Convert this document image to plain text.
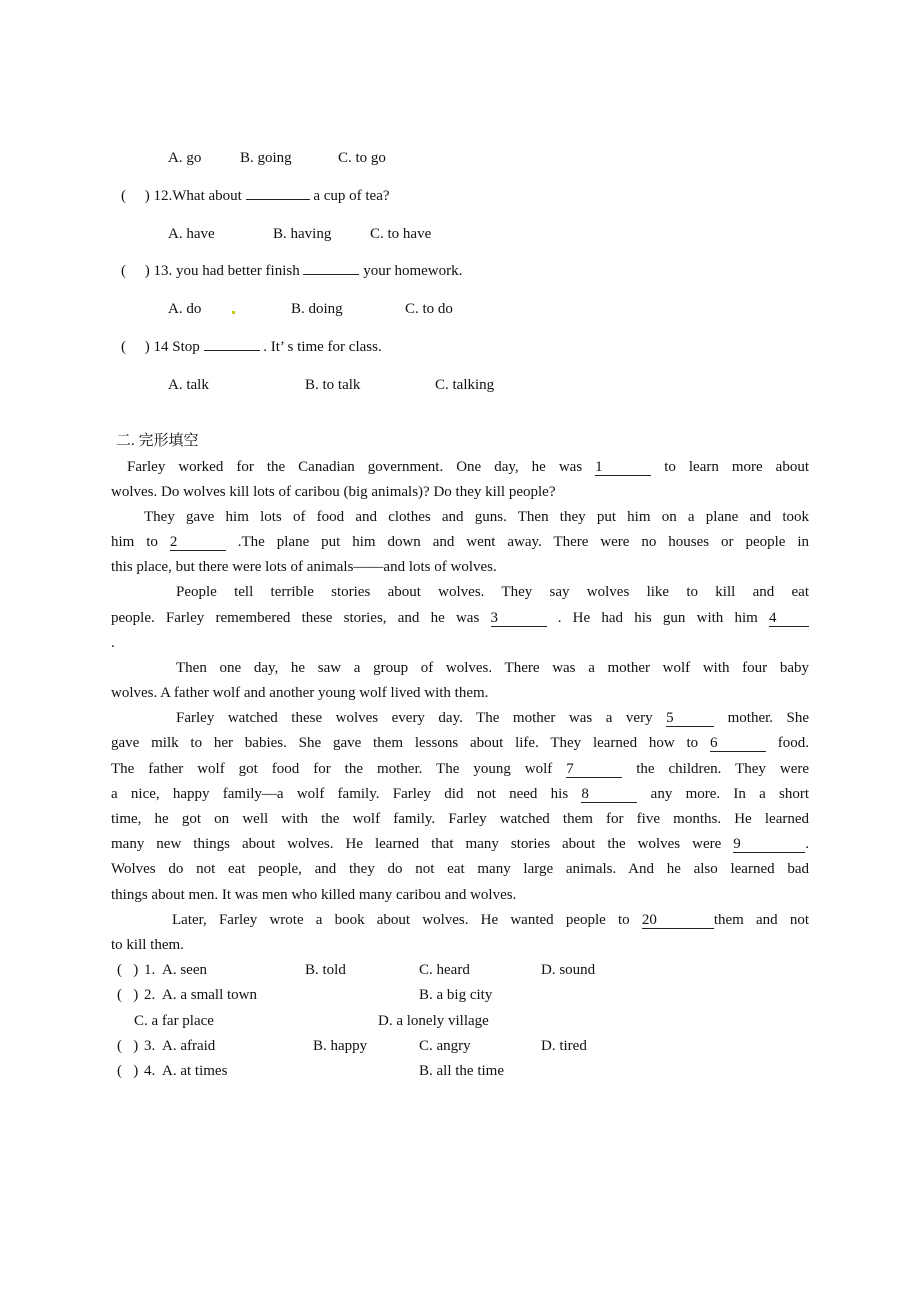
A. go	B. going	C. to go
(     ) 12.What about	a cup of tea?
A. have	B. having	C. to have
(     ) 13. you had better finish	your homework.
A. do	B. doing	C. to do
(     ) 14 Stop	. It’ s time for class.
A. talk	B. to talk	C. talking
二. 完形填空
Farley worked for the Canadian government. One day, he was 1	to learn more about
wolves. Do wolves kill lots of caribou (big animals)? Do they kill people?
They gave him lots of food and clothes and guns. Then they put him on a plane and took
him to 2	.The plane put him down and went away. There were no houses or people in
this place, but there were lots of animals——and lots of wolves.
People tell terrible stories about wolves. They say wolves like to kill and eat
people. Farley remembered these stories, and he was 3	. He had his gun with him 4
.
Then one day, he saw a group of wolves. There was a mother wolf with four baby
wolves. A father wolf and another young wolf lived with them.
Farley watched these wolves every day. The mother was a very 5	mother. She
gave milk to her babies. She gave them lessons about life. They learned how to 6	food.
The father wolf got food for the mother. The young wolf 7	the children. They were
a nice, happy family—a wolf family. Farley did not need his 8	any more. In a short
time, he got on well with the wolf family. Farley watched them for five months. He learned
many new things about wolves. He learned that many stories about the wolves were 9	.
Wolves do not eat people, and they do not eat many large animals. And he also learned bad
things about men. It was men who killed many caribou and wolves.
Later, Farley wrote a book about wolves. He wanted people to 20	them and not
to kill them.
(   ) 1. A. seen	B. told	C. heard	D. sound
(   ) 2. A. a small town	B. a big city
C. a far place	D. a lonely village
(   ) 3. A. afraid	B. happy	C. angry	D. tired
(   ) 4. A. at times	B. all the time
